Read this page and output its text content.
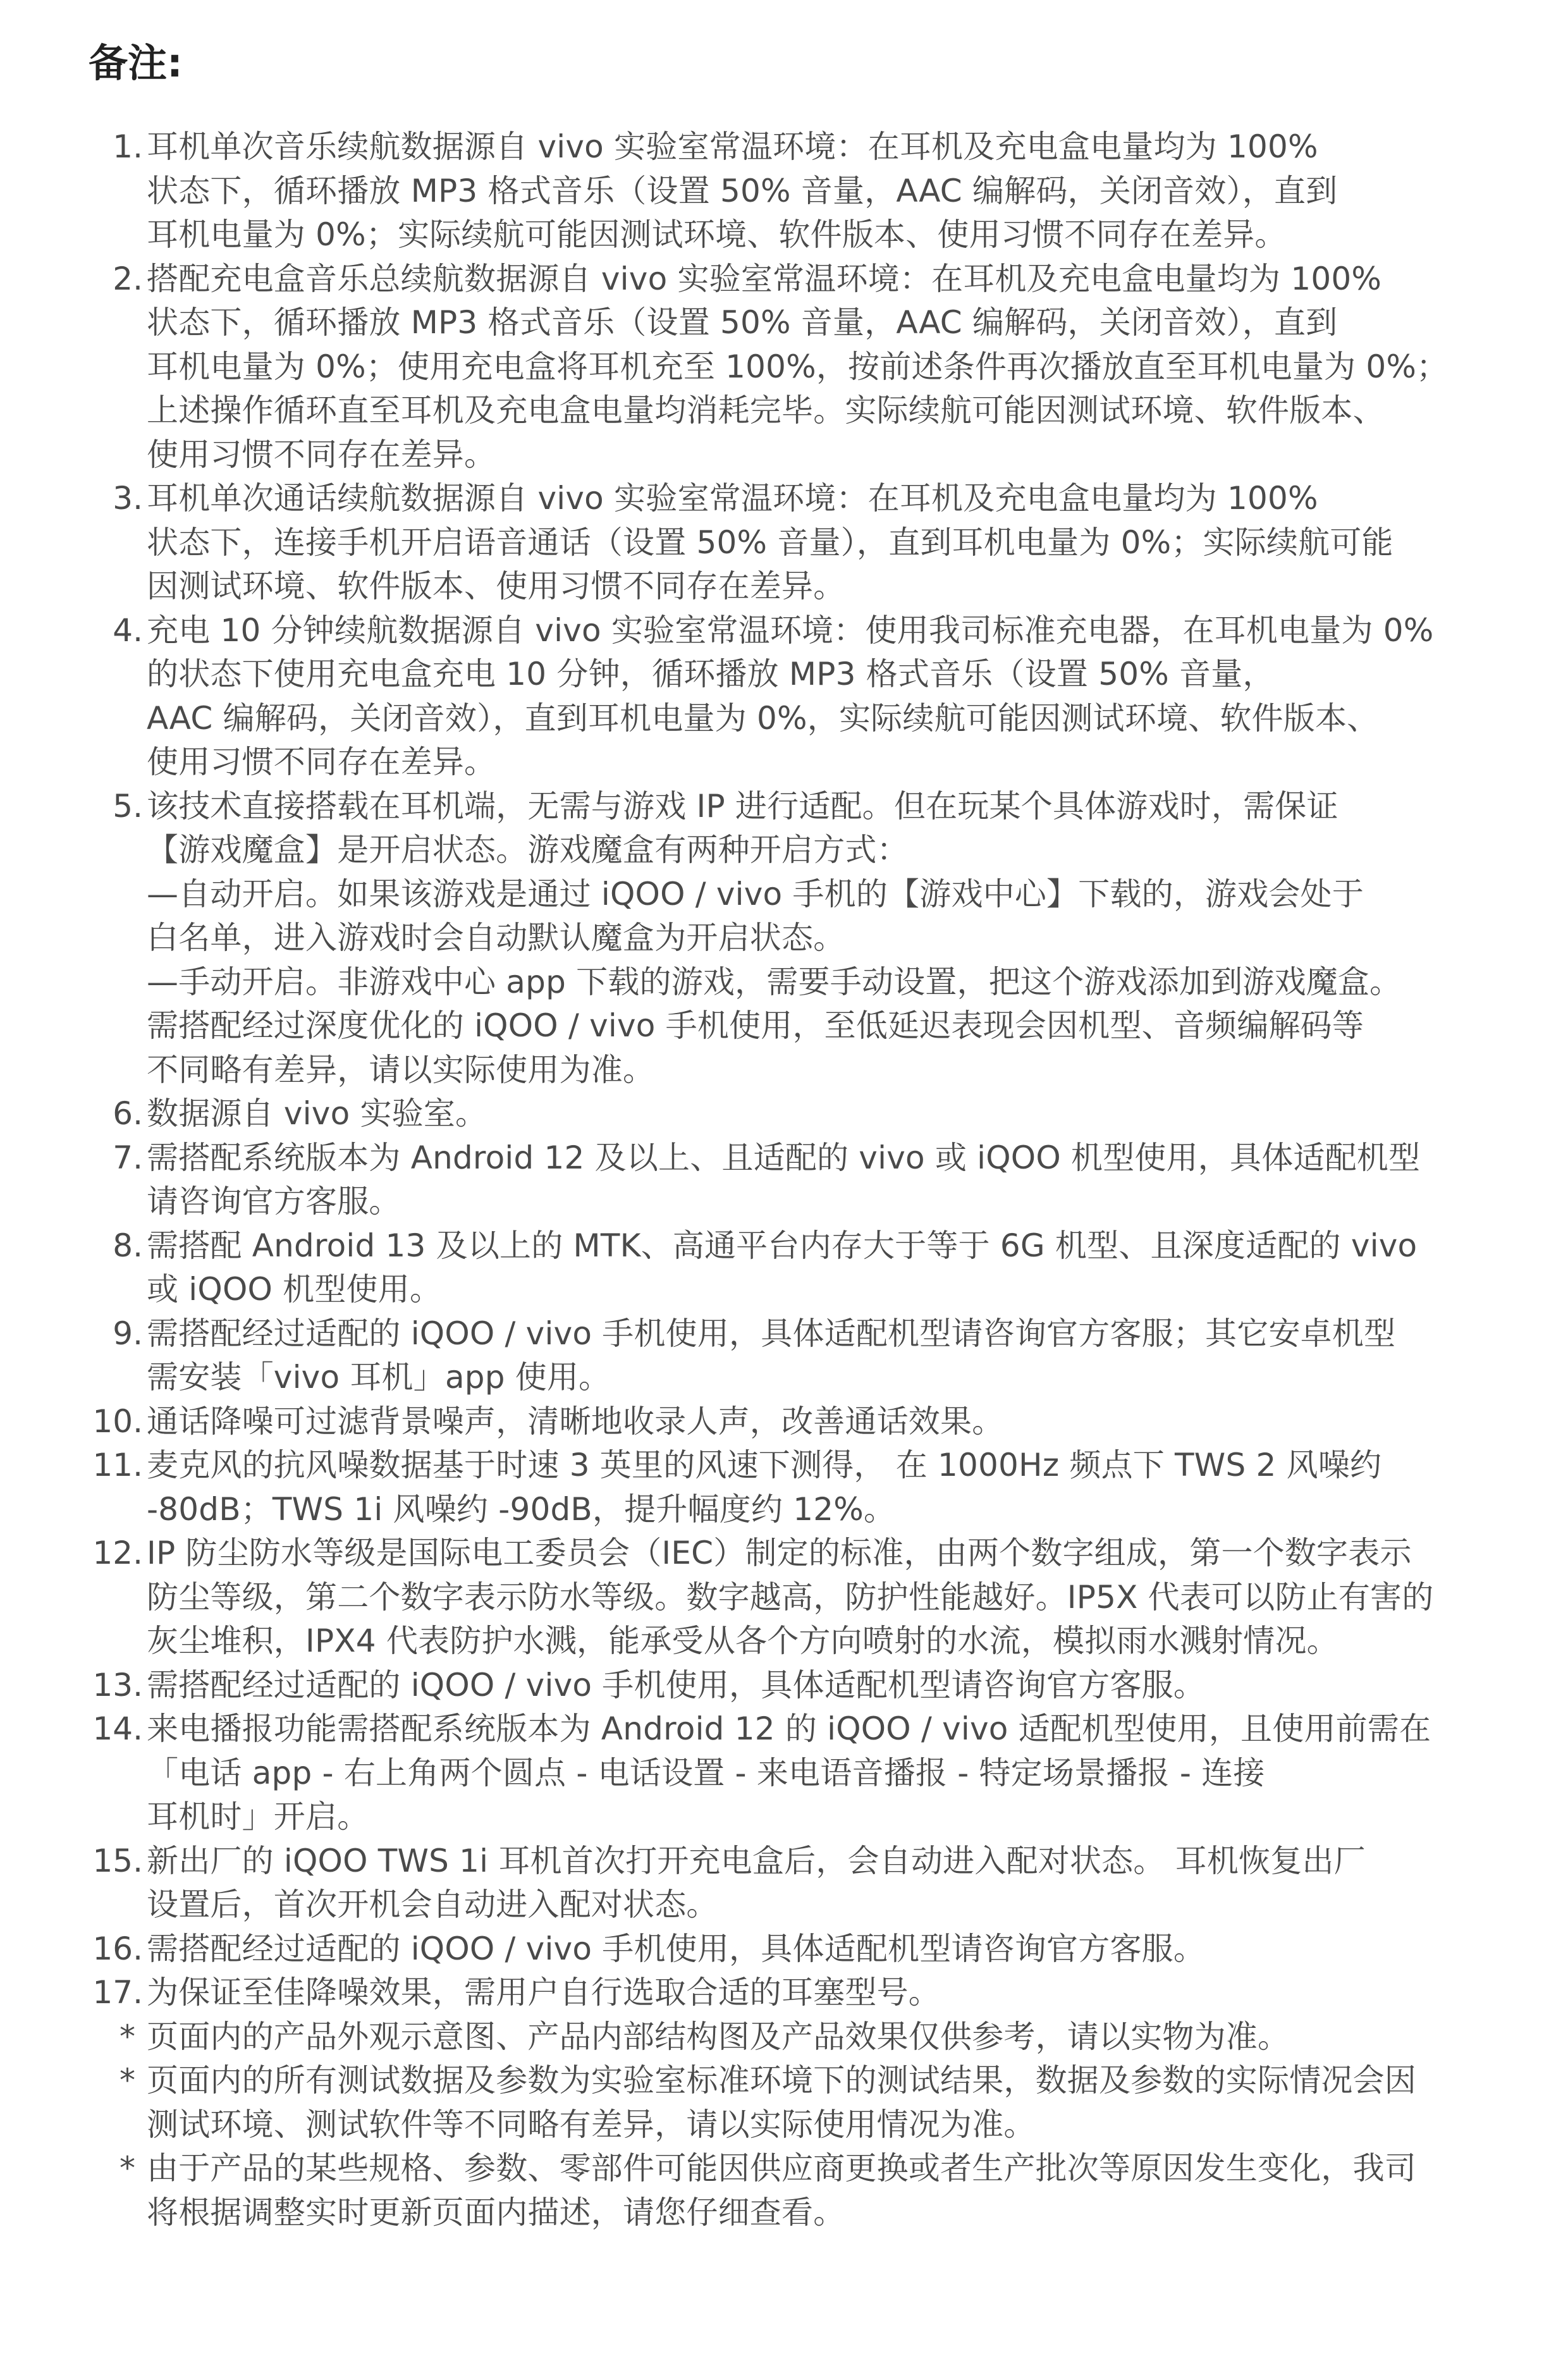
备注:
1. 耳机单次音乐续航数据源自 vivo 实验室常温环境：在耳机及充电盒电量均为 100%
状态下，循环播放 MP3 格式音乐（设置 50% 音量，AAC 编解码，关闭音效），直到
耳机电量为 0%；实际续航可能因测试环境、软件版本、使用习惯不同存在差异。
2. 搭配充电盒音乐总续航数据源自 vivo 实验室常温环境：在耳机及充电盒电量均为 100%
状态下，循环播放 MP3 格式音乐（设置 50% 音量，AAC 编解码，关闭音效），直到
耳机电量为 0%；使用充电盒将耳机充至 100%，按前述条件再次播放直至耳机电量为 0%；
上述操作循环直至耳机及充电盒电量均消耗完毕。实际续航可能因测试环境、软件版本、
使用习惯不同存在差异。
3. 耳机单次通话续航数据源自 vivo 实验室常温环境：在耳机及充电盒电量均为 100%
状态下，连接手机开启语音通话（设置 50% 音量），直到耳机电量为 0%；实际续航可能
因测试环境、软件版本、使用习惯不同存在差异。
4. 充电 10 分钟续航数据源自 vivo 实验室常温环境：使用我司标准充电器，在耳机电量为 0%
的状态下使用充电盒充电 10 分钟，循环播放 MP3 格式音乐（设置 50% 音量，
AAC 编解码，关闭音效），直到耳机电量为 0%，实际续航可能因测试环境、软件版本、
使用习惯不同存在差异。
5. 该技术直接搭载在耳机端，无需与游戏 IP 进行适配。但在玩某个具体游戏时，需保证
【游戏魔盒】是开启状态。游戏魔盒有两种开启方式：
—自动开启。如果该游戏是通过 iQOO / vivo 手机的【游戏中心】下载的，游戏会处于
白名单，进入游戏时会自动默认魔盒为开启状态。
—手动开启。非游戏中心 app 下载的游戏，需要手动设置，把这个游戏添加到游戏魔盒。
需搭配经过深度优化的 iQOO / vivo 手机使用，至低延迟表现会因机型、音频编解码等
不同略有差异，请以实际使用为准。
6. 数据源自 vivo 实验室。
7. 需搭配系统版本为 Android 12 及以上、且适配的 vivo 或 iQOO 机型使用，具体适配机型
请咨询官方客服。
8. 需搭配 Android 13 及以上的 MTK、高通平台内存大于等于 6G 机型、且深度适配的 vivo
或 iQOO 机型使用。
9. 需搭配经过适配的 iQOO / vivo 手机使用，具体适配机型请咨询官方客服；其它安卓机型
需安装「vivo 耳机」app 使用。
10. 通话降噪可过滤背景噪声，清晰地收录人声，改善通话效果。
11. 麦克风的抗风噪数据基于时速 3 英里的风速下测得， 在 1000Hz 频点下 TWS 2 风噪约
-80dB；TWS 1i 风噪约 -90dB，提升幅度约 12%。
12. IP 防尘防水等级是国际电工委员会（IEC）制定的标准，由两个数字组成，第一个数字表示
防尘等级，第二个数字表示防水等级。数字越高，防护性能越好。IP5X 代表可以防止有害的
灰尘堆积，IPX4 代表防护水溅，能承受从各个方向喷射的水流，模拟雨水溅射情况。
13. 需搭配经过适配的 iQOO / vivo 手机使用，具体适配机型请咨询官方客服。
14. 来电播报功能需搭配系统版本为 Android 12 的 iQOO / vivo 适配机型使用，且使用前需在
「电话 app - 右上角两个圆点 - 电话设置 - 来电语音播报 - 特定场景播报 - 连接
耳机时」开启。
15. 新出厂的 iQOO TWS 1i 耳机首次打开充电盒后，会自动进入配对状态。 耳机恢复出厂
设置后，首次开机会自动进入配对状态。
16. 需搭配经过适配的 iQOO / vivo 手机使用，具体适配机型请咨询官方客服。
17. 为保证至佳降噪效果，需用户自行选取合适的耳塞型号。
* 页面内的产品外观示意图、产品内部结构图及产品效果仅供参考，请以实物为准。
* 页面内的所有测试数据及参数为实验室标准环境下的测试结果，数据及参数的实际情况会因
测试环境、测试软件等不同略有差异，请以实际使用情况为准。
* 由于产品的某些规格、参数、零部件可能因供应商更换或者生产批次等原因发生变化，我司
将根据调整实时更新页面内描述，请您仔细查看。
